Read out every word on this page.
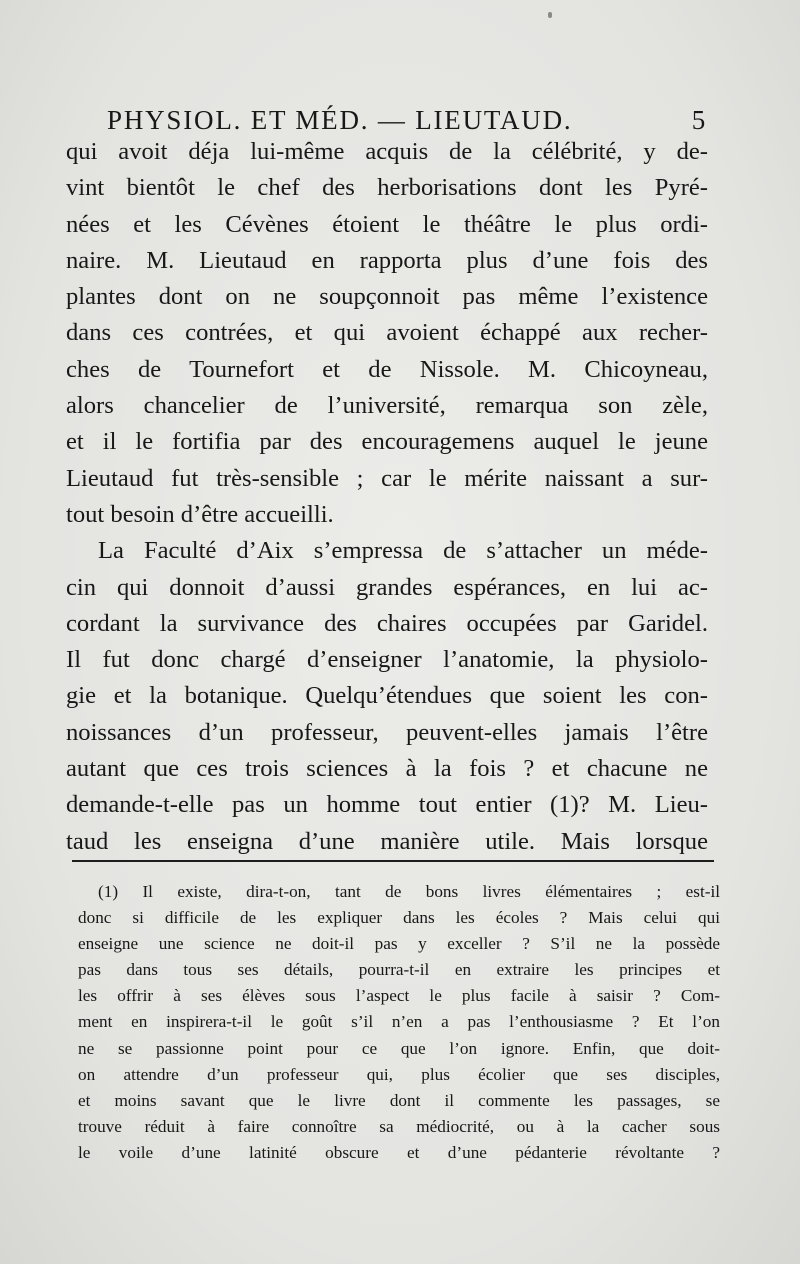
PHYSIOL. ET MÉD. — LIEUTAUD.	5
qui avoit déja lui-même acquis de la célébrité, y de-
vint bientôt le chef des herborisations dont les Pyré-
nées et les Cévènes étoient le théâtre le plus ordi-
naire. M. Lieutaud en rapporta plus d’une fois des
plantes dont on ne soupçonnoit pas même l’existence
dans ces contrées, et qui avoient échappé aux recher-
ches de Tournefort et de Nissole. M. Chicoyneau,
alors chancelier de l’université, remarqua son zèle,
et il le fortifia par des encouragemens auquel le jeune
Lieutaud fut très-sensible ; car le mérite naissant a sur-
tout besoin d’être accueilli.
La Faculté d’Aix s’empressa de s’attacher un méde-
cin qui donnoit d’aussi grandes espérances, en lui ac-
cordant la survivance des chaires occupées par Garidel.
Il fut donc chargé d’enseigner l’anatomie, la physiolo-
gie et la botanique. Quelqu’étendues que soient les con-
noissances d’un professeur, peuvent-elles jamais l’être
autant que ces trois sciences à la fois ? et chacune ne
demande-t-elle pas un homme tout entier (1)? M. Lieu-
taud les enseigna d’une manière utile. Mais lorsque
(1) Il existe, dira-t-on, tant de bons livres élémentaires ; est-il
donc si difficile de les expliquer dans les écoles ? Mais celui qui
enseigne une science ne doit-il pas y exceller ? S’il ne la possède
pas dans tous ses détails, pourra-t-il en extraire les principes et
les offrir à ses élèves sous l’aspect le plus facile à saisir ? Com-
ment en inspirera-t-il le goût s’il n’en a pas l’enthousiasme ? Et l’on
ne se passionne point pour ce que l’on ignore. Enfin, que doit-
on attendre d’un professeur qui, plus écolier que ses disciples,
et moins savant que le livre dont il commente les passages, se
trouve réduit à faire connoître sa médiocrité, ou à la cacher sous
le voile d’une latinité obscure et d’une pédanterie révoltante ?
